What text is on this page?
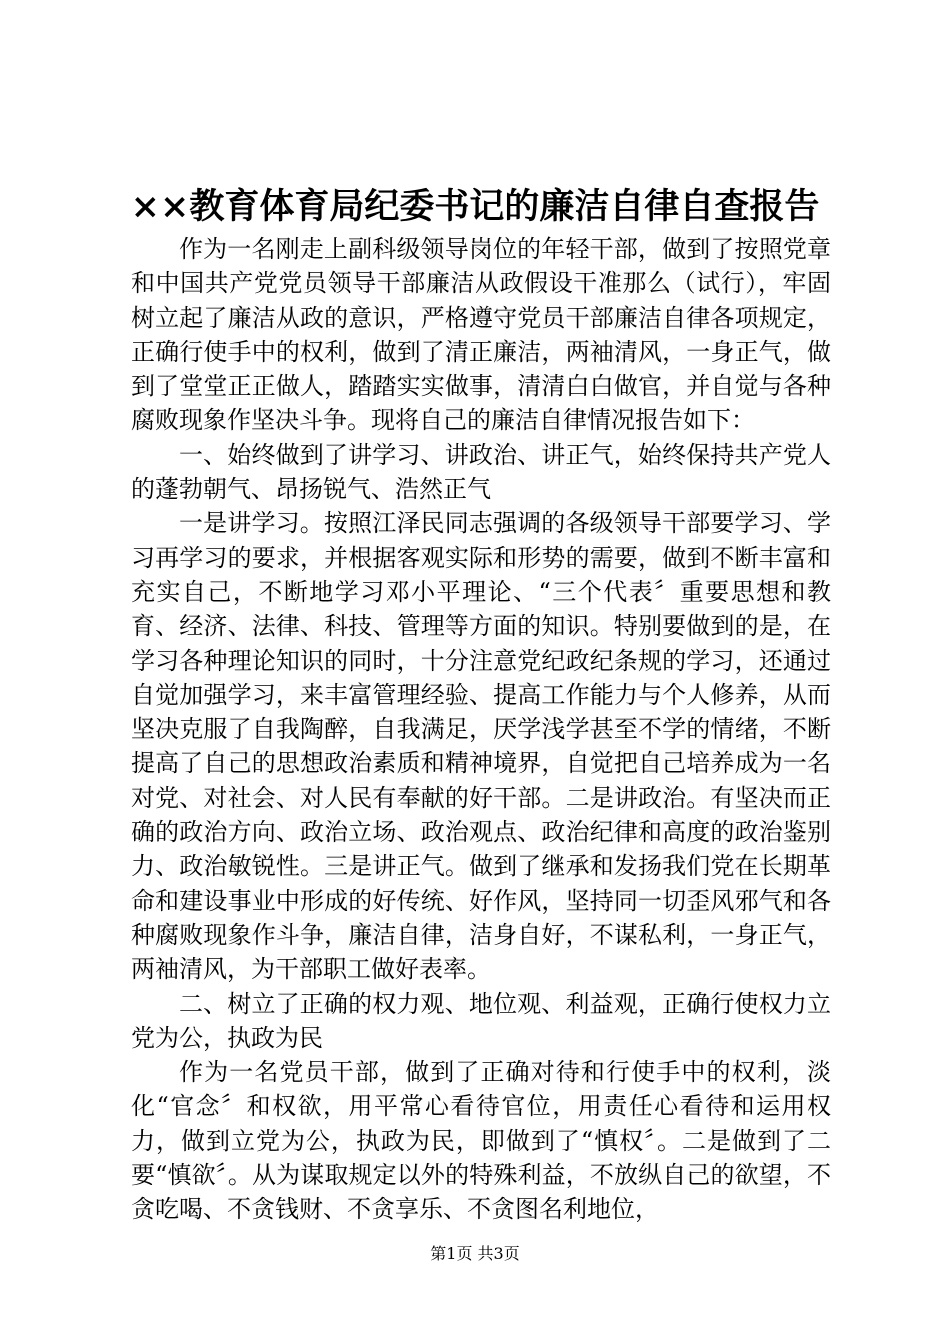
××教育体育局纪委书记的廉洁自律自查报告

作为一名刚走上副科级领导岗位的年轻干部，做到了按照党章和中国共产党党员领导干部廉洁从政假设干准那么（试行），牢固树立起了廉洁从政的意识，严格遵守党员干部廉洁自律各项规定，正确行使手中的权利，做到了清正廉洁，两袖清风，一身正气，做到了堂堂正正做人，踏踏实实做事，清清白白做官，并自觉与各种腐败现象作坚决斗争。现将自己的廉洁自律情况报告如下：

一、始终做到了讲学习、讲政治、讲正气，始终保持共产党人的蓬勃朝气、昂扬锐气、浩然正气

一是讲学习。按照江泽民同志强调的各级领导干部要学习、学习再学习的要求，并根据客观实际和形势的需要，做到不断丰富和充实自己，不断地学习邓小平理论、“三个代表〞重要思想和教育、经济、法律、科技、管理等方面的知识。特别要做到的是，在学习各种理论知识的同时，十分注意党纪政纪条规的学习，还通过自觉加强学习，来丰富管理经验、提高工作能力与个人修养，从而坚决克服了自我陶醉，自我满足，厌学浅学甚至不学的情绪，不断提高了自己的思想政治素质和精神境界，自觉把自己培养成为一名对党、对社会、对人民有奉献的好干部。二是讲政治。有坚决而正确的政治方向、政治立场、政治观点、政治纪律和高度的政治鉴别力、政治敏锐性。三是讲正气。做到了继承和发扬我们党在长期革命和建设事业中形成的好传统、好作风，坚持同一切歪风邪气和各种腐败现象作斗争，廉洁自律，洁身自好，不谋私利，一身正气，两袖清风，为干部职工做好表率。

二、树立了正确的权力观、地位观、利益观，正确行使权力立党为公，执政为民

作为一名党员干部，做到了正确对待和行使手中的权利，淡化“官念〞和权欲，用平常心看待官位，用责任心看待和运用权力，做到立党为公，执政为民，即做到了“慎权〞。二是做到了二要“慎欲〞。从为谋取规定以外的特殊利益，不放纵自己的欲望，不贪吃喝、不贪钱财、不贪享乐、不贪图名利地位，

第1页 共3页
